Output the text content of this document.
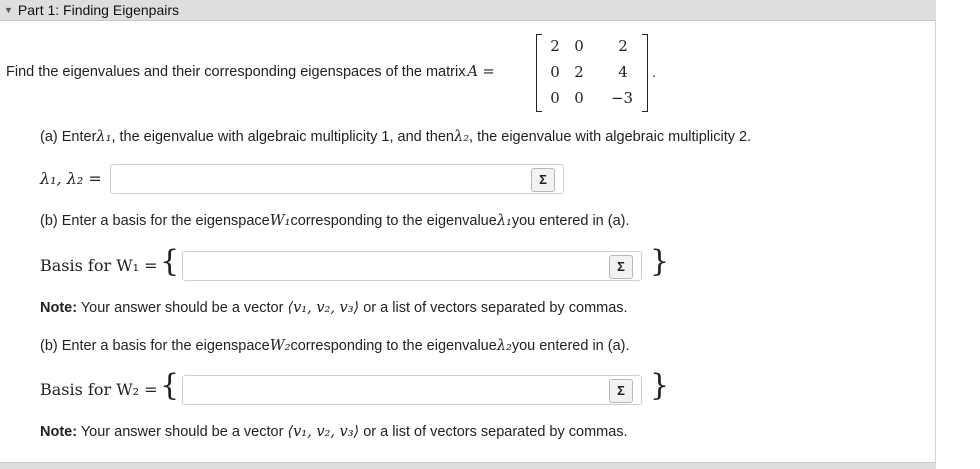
▼ Part 1: Finding Eigenpairs
Find the eigenvalues and their corresponding eigenspaces of the matrix A =
2 0	2
0 2	4
0 0	−3
.
(a) Enter λ₁ , the eigenvalue with algebraic multiplicity 1, and then λ₂ , the eigenvalue with algebraic multiplicity 2.
λ₁, λ₂ =	Σ
(b) Enter a basis for the eigenspace W₁ corresponding to the eigenvalue λ₁ you entered in (a).
Basis for W₁ = {	Σ }
Note: Your answer should be a vector ⟨v₁, v₂, v₃⟩ or a list of vectors separated by commas.
(b) Enter a basis for the eigenspace W₂ corresponding to the eigenvalue λ₂ you entered in (a).
Basis for W₂ = {	Σ }
Note: Your answer should be a vector ⟨v₁, v₂, v₃⟩ or a list of vectors separated by commas.
